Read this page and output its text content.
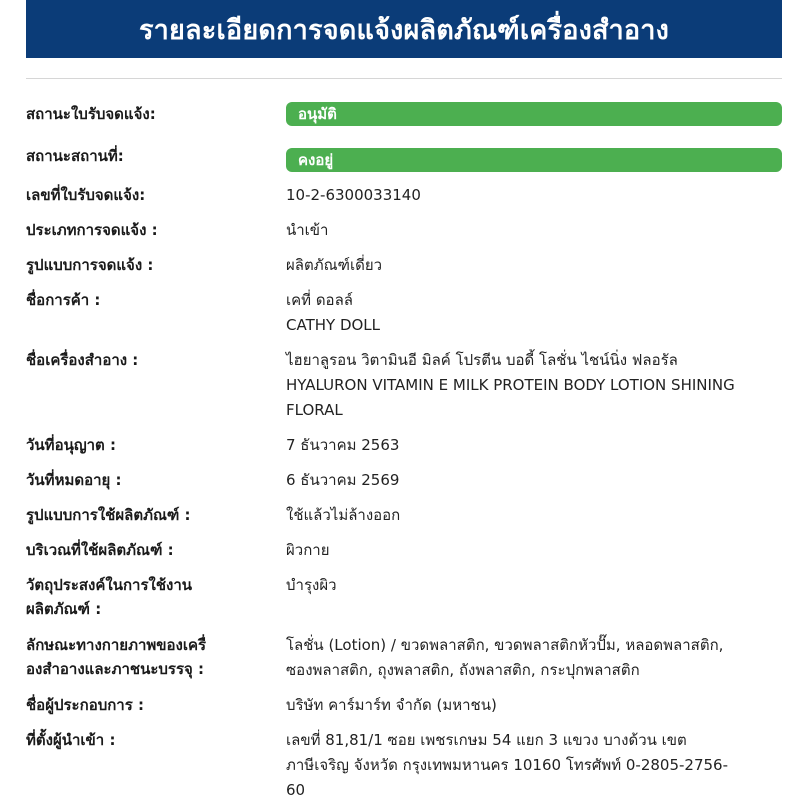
รายละเอียดการจดแจ้งผลิตภัณฑ์เครื่องสำอาง
สถานะใบรับจดแจ้ง:	อนุมัติ
สถานะสถานที่:	คงอยู่
เลขที่ใบรับจดแจ้ง:	10-2-6300033140
ประเภทการจดแจ้ง :	นำเข้า
รูปแบบการจดแจ้ง :	ผลิตภัณฑ์เดี่ยว
ชื่อการค้า :	เคที่ ดอลล์
CATHY DOLL
ชื่อเครื่องสำอาง :	ไฮยาลูรอน วิตามินอี มิลค์ โปรตีน บอดี้ โลชั่น ไชน์นิ่ง ฟลอรัล
HYALURON VITAMIN E MILK PROTEIN BODY LOTION SHINING
FLORAL
วันที่อนุญาต :	7 ธันวาคม 2563
วันที่หมดอายุ :	6 ธันวาคม 2569
รูปแบบการใช้ผลิตภัณฑ์ :	ใช้แล้วไม่ล้างออก
บริเวณที่ใช้ผลิตภัณฑ์ :	ผิวกาย
วัตถุประสงค์ในการใช้งาน
ผลิตภัณฑ์ :
บำรุงผิว
ลักษณะทางกายภาพของเครื่
องสำอางและภาชนะบรรจุ :
โลชั่น (Lotion) / ขวดพลาสติก, ขวดพลาสติกหัวปั๊ม, หลอดพลาสติก,
ซองพลาสติก, ถุงพลาสติก, ถังพลาสติก, กระปุกพลาสติก
ชื่อผู้ประกอบการ :	บริษัท คาร์มาร์ท จำกัด (มหาชน)
ที่ตั้งผู้นำเข้า :	เลขที่ 81,81/1 ซอย เพชรเกษม 54 แยก 3 แขวง บางด้วน เขต
ภาษีเจริญ จังหวัด กรุงเทพมหานคร 10160 โทรศัพท์ 0-2805-2756-
60
